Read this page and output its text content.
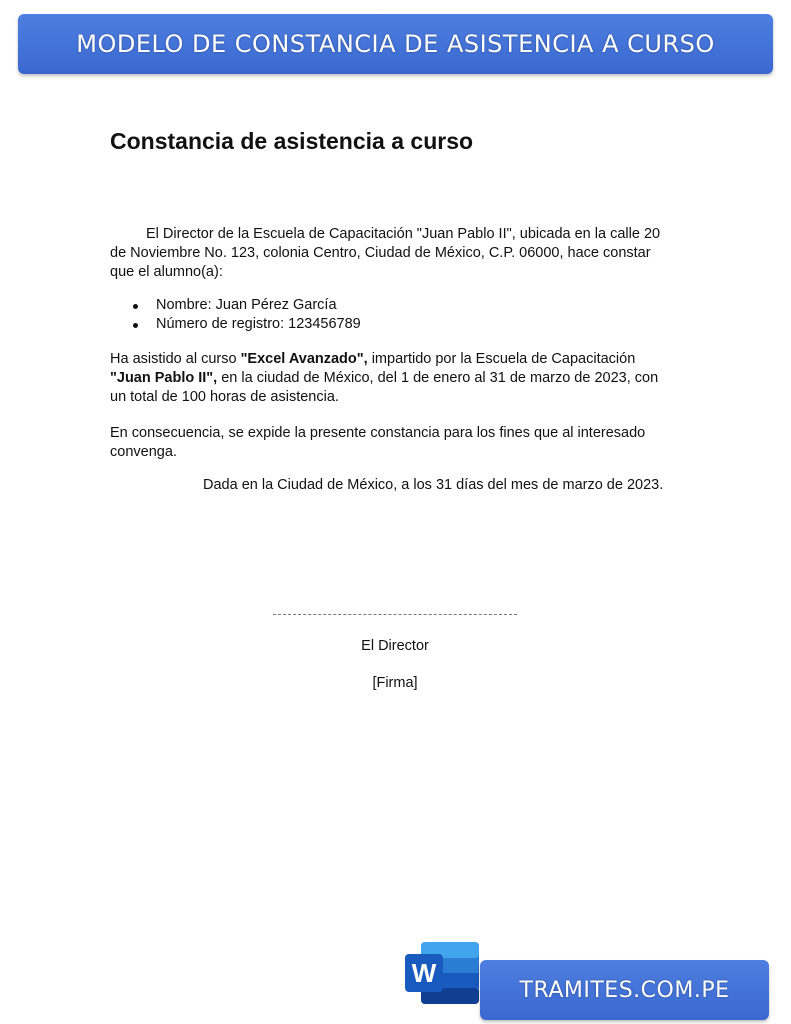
MODELO DE CONSTANCIA DE ASISTENCIA A CURSO
Constancia de asistencia a curso

El Director de la Escuela de Capacitación "Juan Pablo II", ubicada en la calle 20 de Noviembre No. 123, colonia Centro, Ciudad de México, C.P. 06000, hace constar que el alumno(a):

Nombre: Juan Pérez García
Número de registro: 123456789

Ha asistido al curso "Excel Avanzado", impartido por la Escuela de Capacitación "Juan Pablo II", en la ciudad de México, del 1 de enero al 31 de marzo de 2023, con un total de 100 horas de asistencia.

En consecuencia, se expide la presente constancia para los fines que al interesado convenga.

Dada en la Ciudad de México, a los 31 días del mes de marzo de 2023.

El Director

[Firma]

W
TRAMITES.COM.PE
